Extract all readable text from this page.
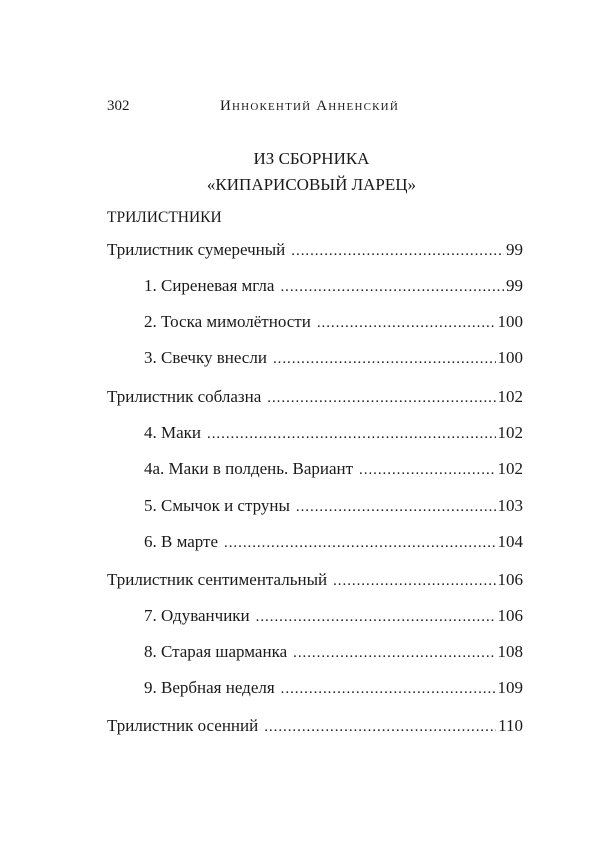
302	Иннокентий Анненский
ИЗ СБОРНИКА
«КИПАРИСОВЫЙ ЛАРЕЦ»
ТРИЛИСТНИКИ
Трилистник сумеречный . . .	99
1. Сиреневая мгла . . .	99
2. Тоска мимолётности . . .	100
3. Свечку внесли . . .	100
Трилистник соблазна . . .	102
4. Маки . . .	102
4а. Маки в полдень. Вариант . . .	102
5. Смычок и струны . . .	103
6. В марте . . .	104
Трилистник сентиментальный . . .	106
7. Одуванчики . . .	106
8. Старая шарманка . . .	108
9. Вербная неделя . . .	109
Трилистник осенний . . .	110
